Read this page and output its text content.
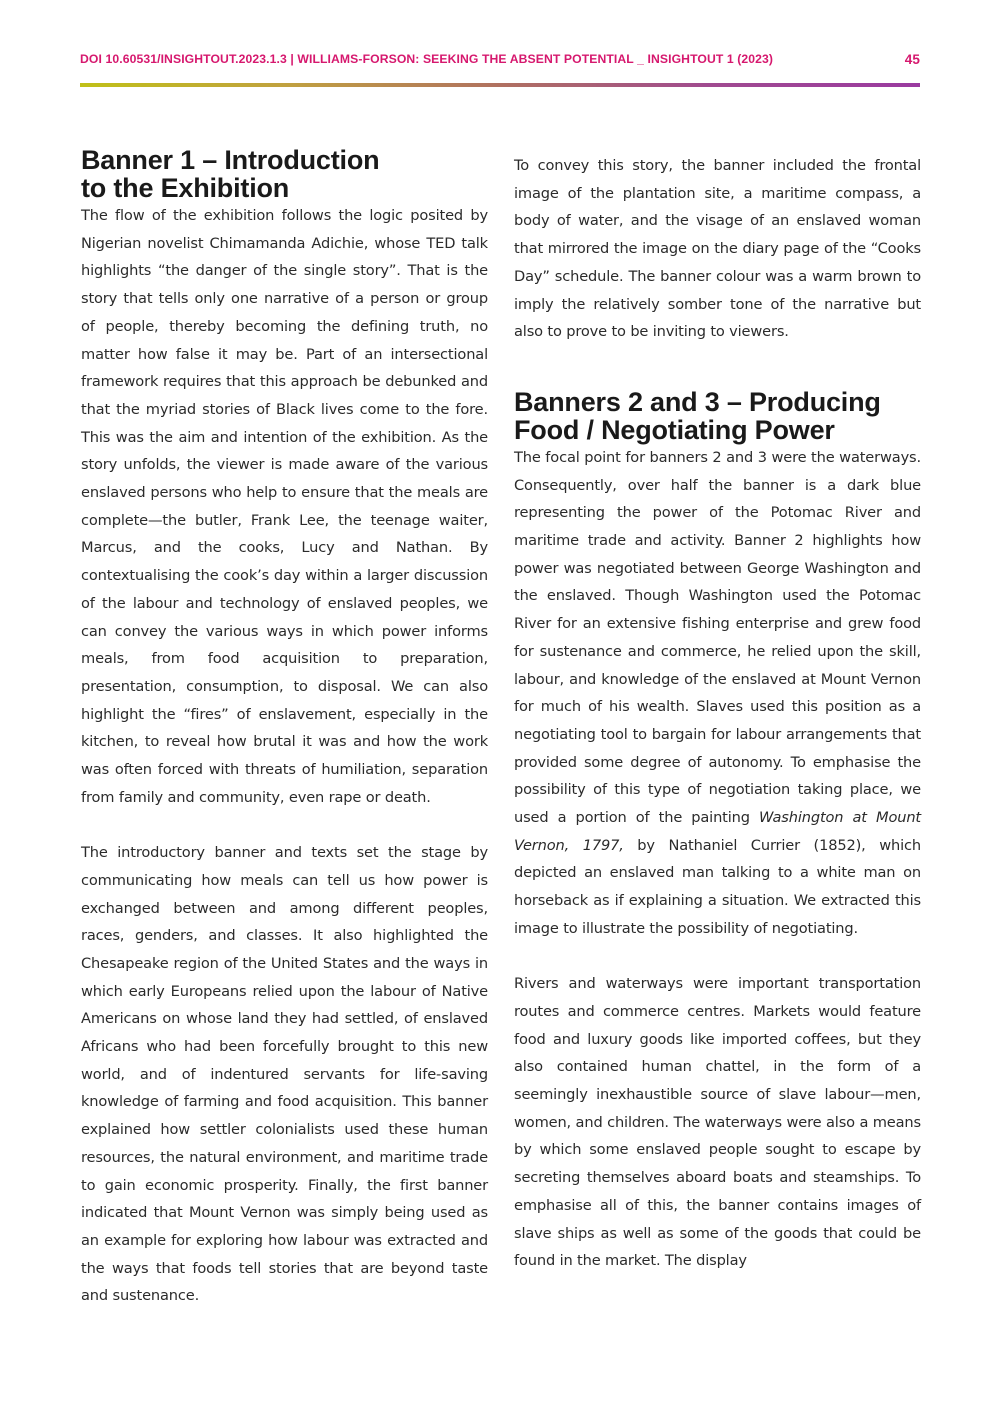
DOI 10.60531/INSIGHTOUT.2023.1.3 | WILLIAMS-FORSON: SEEKING THE ABSENT POTENTIAL _ INSIGHTOUT 1 (2023)	45
Banner 1 – Introduction
to the Exhibition

The flow of the exhibition follows the logic posited by Nigerian novelist Chimamanda Adichie, whose TED talk highlights “the danger of the single story”. That is the story that tells only one narrative of a person or group of people, thereby becoming the defining truth, no matter how false it may be. Part of an intersectional framework requires that this approach be debunked and that the myriad stories of Black lives come to the fore. This was the aim and intention of the exhibition. As the story unfolds, the viewer is made aware of the various enslaved persons who help to ensure that the meals are complete—the butler, Frank Lee, the teenage waiter, Marcus, and the cooks, Lucy and Nathan. By contextualising the cook’s day within a larger discussion of the labour and technology of enslaved peoples, we can convey the various ways in which power informs meals, from food acquisition to preparation, presentation, consumption, to disposal. We can also highlight the “fires” of enslavement, especially in the kitchen, to reveal how brutal it was and how the work was often forced with threats of humiliation, separation from family and community, even rape or death.

The introductory banner and texts set the stage by communicating how meals can tell us how power is exchanged between and among different peoples, races, genders, and classes. It also highlighted the Chesapeake region of the United States and the ways in which early Europeans relied upon the labour of Native Americans on whose land they had settled, of enslaved Africans who had been forcefully brought to this new world, and of indentured servants for life-saving knowledge of farming and food acquisition. This banner explained how settler colonialists used these human resources, the natural environment, and maritime trade to gain economic prosperity. Finally, the first banner indicated that Mount Vernon was simply being used as an example for exploring how labour was extracted and the ways that foods tell stories that are beyond taste and sustenance.

To convey this story, the banner included the frontal image of the plantation site, a maritime compass, a body of water, and the visage of an enslaved woman that mirrored the image on the diary page of the “Cooks Day” schedule. The banner colour was a warm brown to imply the relatively somber tone of the narrative but also to prove to be inviting to viewers.

Banners 2 and 3 – Producing
Food / Negotiating Power

The focal point for banners 2 and 3 were the waterways. Consequently, over half the banner is a dark blue representing the power of the Potomac River and maritime trade and activity. Banner 2 highlights how power was negotiated between George Washington and the enslaved. Though Washington used the Potomac River for an extensive fishing enterprise and grew food for sustenance and commerce, he relied upon the skill, labour, and knowledge of the enslaved at Mount Vernon for much of his wealth. Slaves used this position as a negotiating tool to bargain for labour arrangements that provided some degree of autonomy. To emphasise the possibility of this type of negotiation taking place, we used a portion of the painting Washington at Mount Vernon, 1797, by Nathaniel Currier (1852), which depicted an enslaved man talking to a white man on horseback as if explaining a situation. We extracted this image to illustrate the possibility of negotiating.

Rivers and waterways were important transportation routes and commerce centres. Markets would feature food and luxury goods like imported coffees, but they also contained human chattel, in the form of a seemingly inexhaustible source of slave labour—men, women, and children. The waterways were also a means by which some enslaved people sought to escape by secreting themselves aboard boats and steamships. To emphasise all of this, the banner contains images of slave ships as well as some of the goods that could be found in the market. The display
